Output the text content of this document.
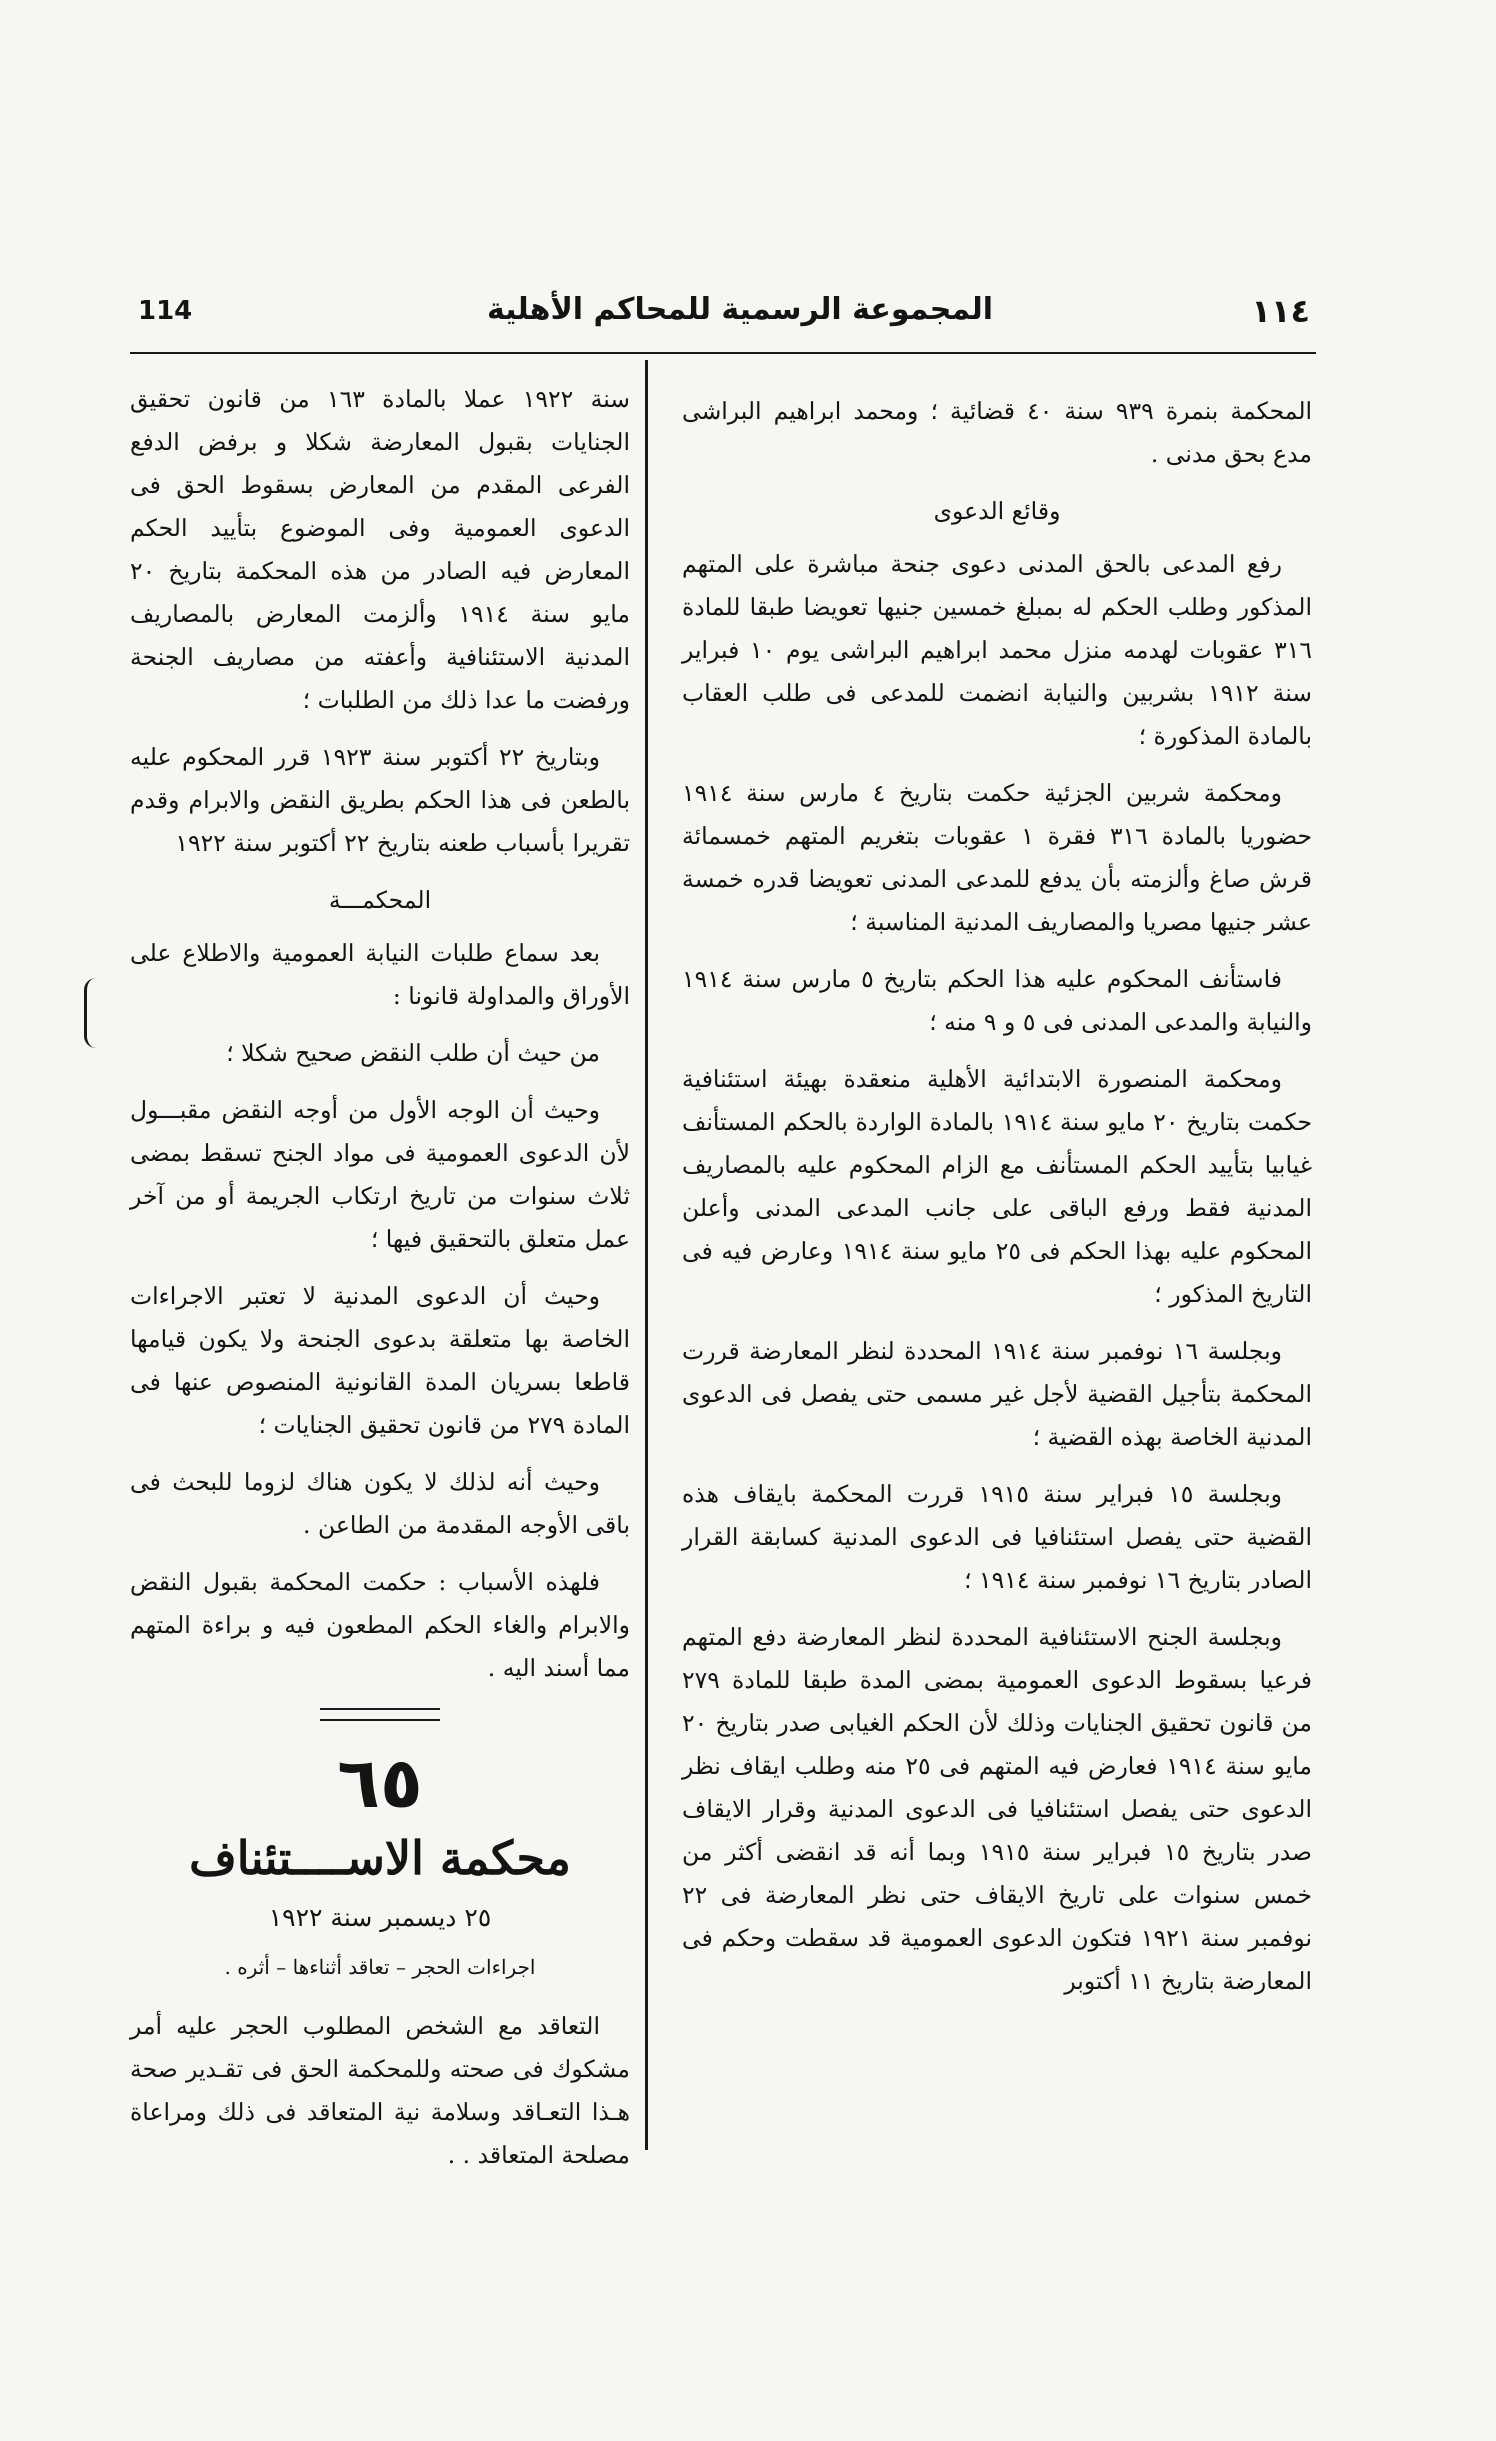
114	المجموعة الرسمية للمحاكم الأهلية	١١٤

المحكمة بنمرة ٩٣٩ سنة ٤٠ قضائية ؛ ومحمد ابراهيم البراشى مدع بحق مدنى .

وقائع الدعوى

رفع المدعى بالحق المدنى دعوى جنحة مباشرة على المتهم المذكور وطلب الحكم له بمبلغ خمسين جنيها تعويضا طبقا للمادة ٣١٦ عقوبات لهدمه منزل محمد ابراهيم البراشى يوم ١٠ فبراير سنة ١٩١٢ بشربين والنيابة انضمت للمدعى فى طلب العقاب بالمادة المذكورة ؛

ومحكمة شربين الجزئية حكمت بتاريخ ٤ مارس سنة ١٩١٤ حضوريا بالمادة ٣١٦ فقرة ١ عقوبات بتغريم المتهم خمسمائة قرش صاغ وألزمته بأن يدفع للمدعى المدنى تعويضا قدره خمسة عشر جنيها مصريا والمصاريف المدنية المناسبة ؛

فاستأنف المحكوم عليه هذا الحكم بتاريخ ٥ مارس سنة ١٩١٤ والنيابة والمدعى المدنى فى ٥ و ٩ منه ؛

ومحكمة المنصورة الابتدائية الأهلية منعقدة بهيئة استئنافية حكمت بتاريخ ٢٠ مايو سنة ١٩١٤ بالمادة الواردة بالحكم المستأنف غيابيا بتأييد الحكم المستأنف مع الزام المحكوم عليه بالمصاريف المدنية فقط ورفع الباقى على جانب المدعى المدنى وأعلن المحكوم عليه بهذا الحكم فى ٢٥ مايو سنة ١٩١٤ وعارض فيه فى التاريخ المذكور ؛

وبجلسة ١٦ نوفمبر سنة ١٩١٤ المحددة لنظر المعارضة قررت المحكمة بتأجيل القضية لأجل غير مسمى حتى يفصل فى الدعوى المدنية الخاصة بهذه القضية ؛

وبجلسة ١٥ فبراير سنة ١٩١٥ قررت المحكمة بايقاف هذه القضية حتى يفصل استئنافيا فى الدعوى المدنية كسابقة القرار الصادر بتاريخ ١٦ نوفمبر سنة ١٩١٤ ؛

وبجلسة الجنح الاستئنافية المحددة لنظر المعارضة دفع المتهم فرعيا بسقوط الدعوى العمومية بمضى المدة طبقا للمادة ٢٧٩ من قانون تحقيق الجنايات وذلك لأن الحكم الغيابى صدر بتاريخ ٢٠ مايو سنة ١٩١٤ فعارض فيه المتهم فى ٢٥ منه وطلب ايقاف نظر الدعوى حتى يفصل استئنافيا فى الدعوى المدنية وقرار الايقاف صدر بتاريخ ١٥ فبراير سنة ١٩١٥ وبما أنه قد انقضى أكثر من خمس سنوات على تاريخ الايقاف حتى نظر المعارضة فى ٢٢ نوفمبر سنة ١٩٢١ فتكون الدعوى العمومية قد سقطت وحكم فى المعارضة بتاريخ ١١ أكتوبر

سنة ١٩٢٢ عملا بالمادة ١٦٣ من قانون تحقيق الجنايات بقبول المعارضة شكلا و برفض الدفع الفرعى المقدم من المعارض بسقوط الحق فى الدعوى العمومية وفى الموضوع بتأييد الحكم المعارض فيه الصادر من هذه المحكمة بتاريخ ٢٠ مايو سنة ١٩١٤ وألزمت المعارض بالمصاريف المدنية الاستئنافية وأعفته من مصاريف الجنحة ورفضت ما عدا ذلك من الطلبات ؛

وبتاريخ ٢٢ أكتوبر سنة ١٩٢٣ قرر المحكوم عليه بالطعن فى هذا الحكم بطريق النقض والابرام وقدم تقريرا بأسباب طعنه بتاريخ ٢٢ أكتوبر سنة ١٩٢٢

المحكمـــة

بعد سماع طلبات النيابة العمومية والاطلاع على الأوراق والمداولة قانونا :

من حيث أن طلب النقض صحيح شكلا ؛

وحيث أن الوجه الأول من أوجه النقض مقبـــول لأن الدعوى العمومية فى مواد الجنح تسقط بمضى ثلاث سنوات من تاريخ ارتكاب الجريمة أو من آخر عمل متعلق بالتحقيق فيها ؛

وحيث أن الدعوى المدنية لا تعتبر الاجراءات الخاصة بها متعلقة بدعوى الجنحة ولا يكون قيامها قاطعا بسريان المدة القانونية المنصوص عنها فى المادة ٢٧٩ من قانون تحقيق الجنايات ؛

وحيث أنه لذلك لا يكون هناك لزوما للبحث فى باقى الأوجه المقدمة من الطاعن .

فلهذه الأسباب : حكمت المحكمة بقبول النقض والابرام والغاء الحكم المطعون فيه و براءة المتهم مما أسند اليه .

٦٥
محكمة الاســــتئناف
٢٥ ديسمبر سنة ١٩٢٢
اجراءات الحجر – تعاقد أثناءها – أثره .

التعاقد مع الشخص المطلوب الحجر عليه أمر مشكوك فى صحته وللمحكمة الحق فى تقـدير صحة هـذا التعـاقد وسلامة نية المتعاقد فى ذلك ومراعاة مصلحة المتعاقد . .
